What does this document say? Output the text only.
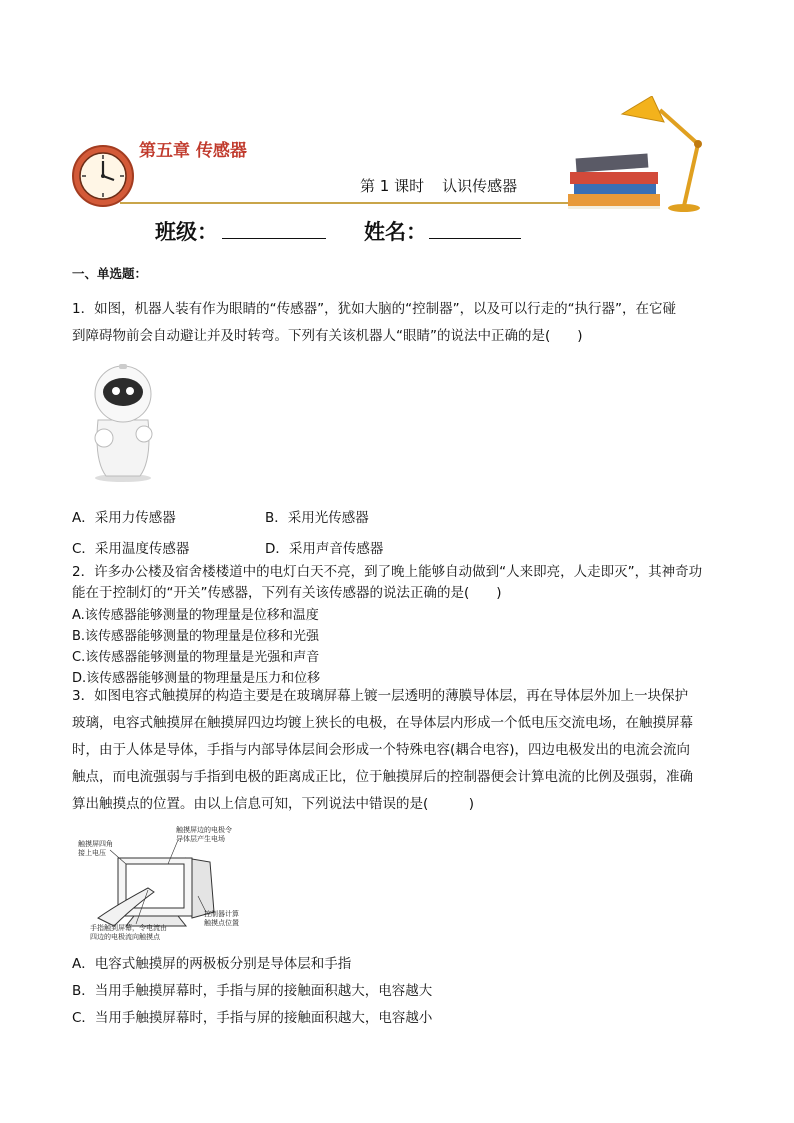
第五章 传感器
第 1 课时 认识传感器
班级：	姓名：
一、单选题：
1．如图，机器人装有作为眼睛的“传感器”，犹如大脑的“控制器”，以及可以行走的“执行器”，在它碰
到障碍物前会自动避让并及时转弯。下列有关该机器人“眼睛”的说法中正确的是(　　)
A．采用力传感器	B．采用光传感器
C．采用温度传感器	D．采用声音传感器
2．许多办公楼及宿舍楼楼道中的电灯白天不亮，到了晚上能够自动做到“人来即亮，人走即灭”，其神奇功
能在于控制灯的“开关”传感器，下列有关该传感器的说法正确的是(　　)
A.该传感器能够测量的物理量是位移和温度
B.该传感器能够测量的物理量是位移和光强
C.该传感器能够测量的物理量是光强和声音
D.该传感器能够测量的物理量是压力和位移
3．如图电容式触摸屏的构造主要是在玻璃屏幕上镀一层透明的薄膜导体层，再在导体层外加上一块保护
玻璃，电容式触摸屏在触摸屏四边均镀上狭长的电极，在导体层内形成一个低电压交流电场，在触摸屏幕
时，由于人体是导体，手指与内部导体层间会形成一个特殊电容(耦合电容)，四边电极发出的电流会流向
触点，而电流强弱与手指到电极的距离成正比，位于触摸屏后的控制器便会计算电流的比例及强弱，准确
算出触摸点的位置。由以上信息可知，下列说法中错误的是(　　　)
触摸屏四角
接上电压
触摸屏边的电极令
导体层产生电场
手指触到屏幕，令电流由
四边的电极流向触摸点
控制器计算
触摸点位置
A．电容式触摸屏的两极板分别是导体层和手指
B．当用手触摸屏幕时，手指与屏的接触面积越大，电容越大
C．当用手触摸屏幕时，手指与屏的接触面积越大，电容越小
